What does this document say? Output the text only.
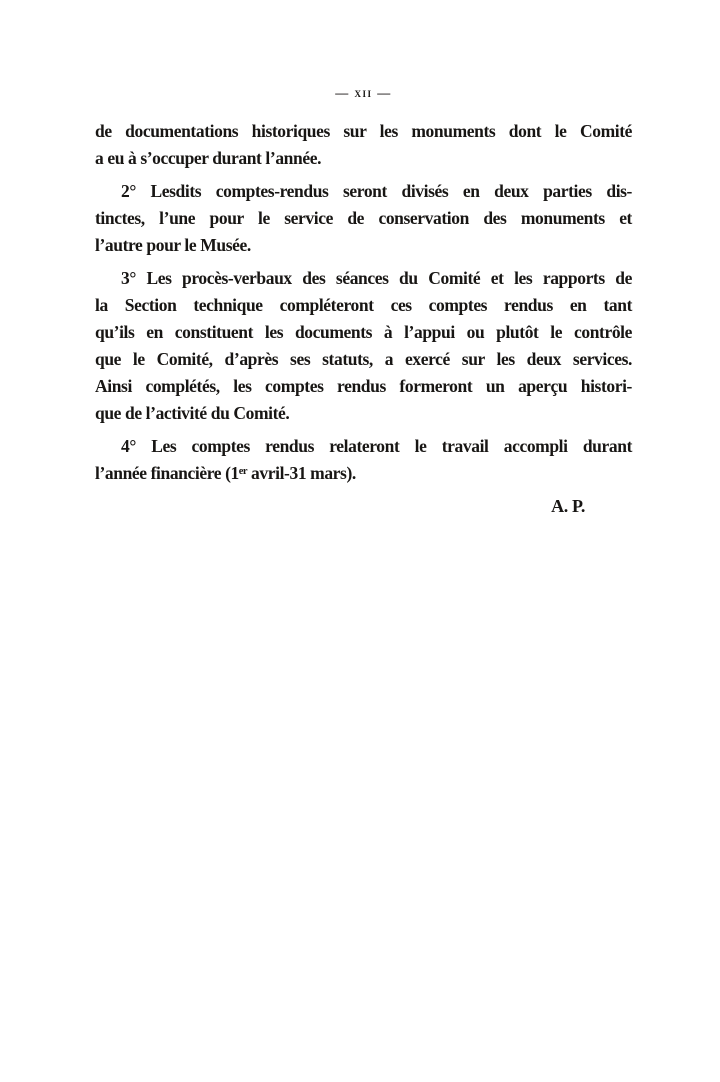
— xii —
de documentations historiques sur les monuments dont le Comité
a eu à s’occuper durant l’année.
2° Lesdits comptes-rendus seront divisés en deux parties dis-
tinctes, l’une pour le service de conservation des monuments et
l’autre pour le Musée.
3° Les procès-verbaux des séances du Comité et les rapports de
la Section technique compléteront ces comptes rendus en tant
qu’ils en constituent les documents à l’appui ou plutôt le contrôle
que le Comité, d’après ses statuts, a exercé sur les deux services.
Ainsi complétés, les comptes rendus formeront un aperçu histori-
que de l’activité du Comité.
4° Les comptes rendus relateront le travail accompli durant
l’année financière (1ᵉʳ avril-31 mars).
A. P.
